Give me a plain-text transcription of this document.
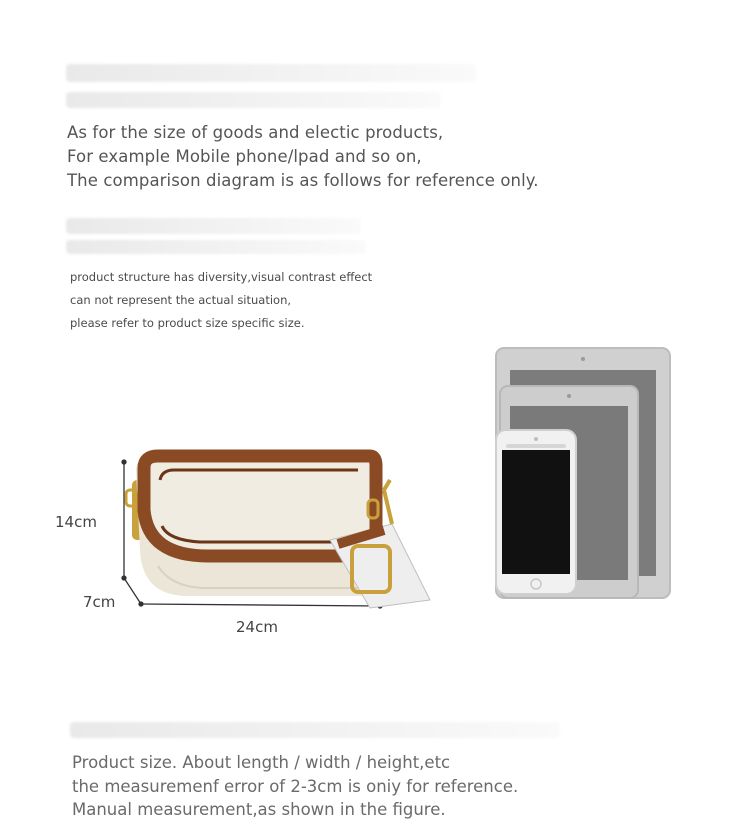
As for the size of goods and electic products,

For example Mobile phone/lpad and so on,

The comparison diagram is as follows for reference only.

product structure has diversity,visual contrast effect

can not represent the actual situation,

please refer to product size specific size.

14cm
7cm
24cm

Product size. About length / width / height,etc

the measuremenf error of 2-3cm is oniy for reference.

Manual measurement,as shown in the figure.
